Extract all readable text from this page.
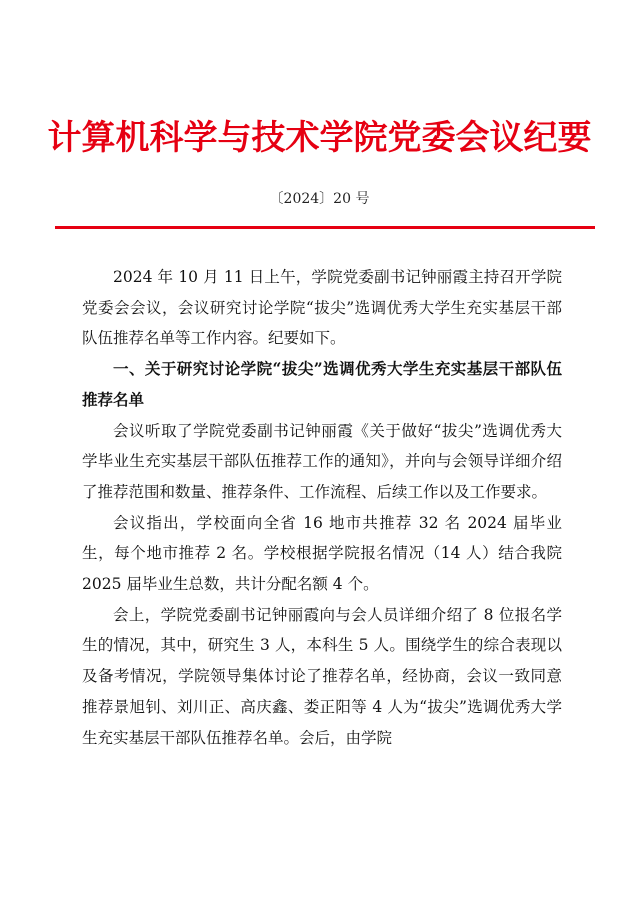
计算机科学与技术学院党委会议纪要
〔2024〕20 号

2024 年 10 月 11 日上午，学院党委副书记钟丽霞主持召开学院党委会会议，会议研究讨论学院“拔尖”选调优秀大学生充实基层干部队伍推荐名单等工作内容。纪要如下。

一、关于研究讨论学院“拔尖”选调优秀大学生充实基层干部队伍推荐名单

会议听取了学院党委副书记钟丽霞《关于做好“拔尖”选调优秀大学毕业生充实基层干部队伍推荐工作的通知》，并向与会领导详细介绍了推荐范围和数量、推荐条件、工作流程、后续工作以及工作要求。

会议指出，学校面向全省 16 地市共推荐 32 名 2024 届毕业生，每个地市推荐 2 名。学校根据学院报名情况（14 人）结合我院 2025 届毕业生总数，共计分配名额 4 个。

会上，学院党委副书记钟丽霞向与会人员详细介绍了 8 位报名学生的情况，其中，研究生 3 人，本科生 5 人。围绕学生的综合表现以及备考情况，学院领导集体讨论了推荐名单，经协商，会议一致同意推荐景旭钊、刘川正、高庆鑫、娄正阳等 4 人为“拔尖”选调优秀大学生充实基层干部队伍推荐名单。会后，由学院
